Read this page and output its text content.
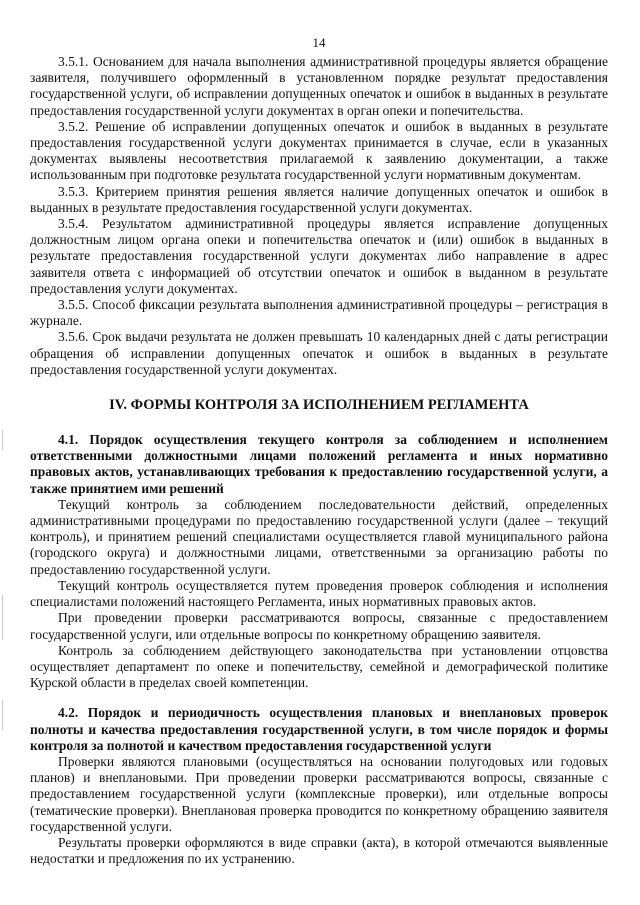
14

3.5.1. Основанием для начала выполнения административной процедуры является обращение заявителя, получившего оформленный в установленном порядке результат предоставления государственной услуги, об исправлении допущенных опечаток и ошибок в выданных в результате предоставления государственной услуги документах в орган опеки и попечительства.

3.5.2. Решение об исправлении допущенных опечаток и ошибок в выданных в результате предоставления государственной услуги документах принимается в случае, если в указанных документах выявлены несоответствия прилагаемой к заявлению документации, а также использованным при подготовке результата государственной услуги нормативным документам.

3.5.3. Критерием принятия решения является наличие допущенных опечаток и ошибок в выданных в результате предоставления государственной услуги документах.

3.5.4. Результатом административной процедуры является исправление допущенных должностным лицом органа опеки и попечительства опечаток и (или) ошибок в выданных в результате предоставления государственной услуги документах либо направление в адрес заявителя ответа с информацией об отсутствии опечаток и ошибок в выданном в результате предоставления услуги документах.

3.5.5. Способ фиксации результата выполнения административной процедуры – регистрация в журнале.

3.5.6. Срок выдачи результата не должен превышать 10 календарных дней с даты регистрации обращения об исправлении допущенных опечаток и ошибок в выданных в результате предоставления государственной услуги документах.

IV. ФОРМЫ КОНТРОЛЯ ЗА ИСПОЛНЕНИЕМ РЕГЛАМЕНТА

4.1. Порядок осуществления текущего контроля за соблюдением и исполнением ответственными должностными лицами положений регламента и иных нормативно правовых актов, устанавливающих требования к предоставлению государственной услуги, а также принятием ими решений

Текущий контроль за соблюдением последовательности действий, определенных административными процедурами по предоставлению государственной услуги (далее – текущий контроль), и принятием решений специалистами осуществляется главой муниципального района (городского округа) и должностными лицами, ответственными за организацию работы по предоставлению государственной услуги.

Текущий контроль осуществляется путем проведения проверок соблюдения и исполнения специалистами положений настоящего Регламента, иных нормативных правовых актов.

При проведении проверки рассматриваются вопросы, связанные с предоставлением государственной услуги, или отдельные вопросы по конкретному обращению заявителя.

Контроль за соблюдением действующего законодательства при установлении отцовства осуществляет департамент по опеке и попечительству, семейной и демографической политике Курской области в пределах своей компетенции.

4.2. Порядок и периодичность осуществления плановых и внеплановых проверок полноты и качества предоставления государственной услуги, в том числе порядок и формы контроля за полнотой и качеством предоставления государственной услуги

Проверки являются плановыми (осуществляться на основании полугодовых или годовых планов) и внеплановыми. При проведении проверки рассматриваются вопросы, связанные с предоставлением государственной услуги (комплексные проверки), или отдельные вопросы (тематические проверки). Внеплановая проверка проводится по конкретному обращению заявителя государственной услуги.

Результаты проверки оформляются в виде справки (акта), в которой отмечаются выявленные недостатки и предложения по их устранению.
